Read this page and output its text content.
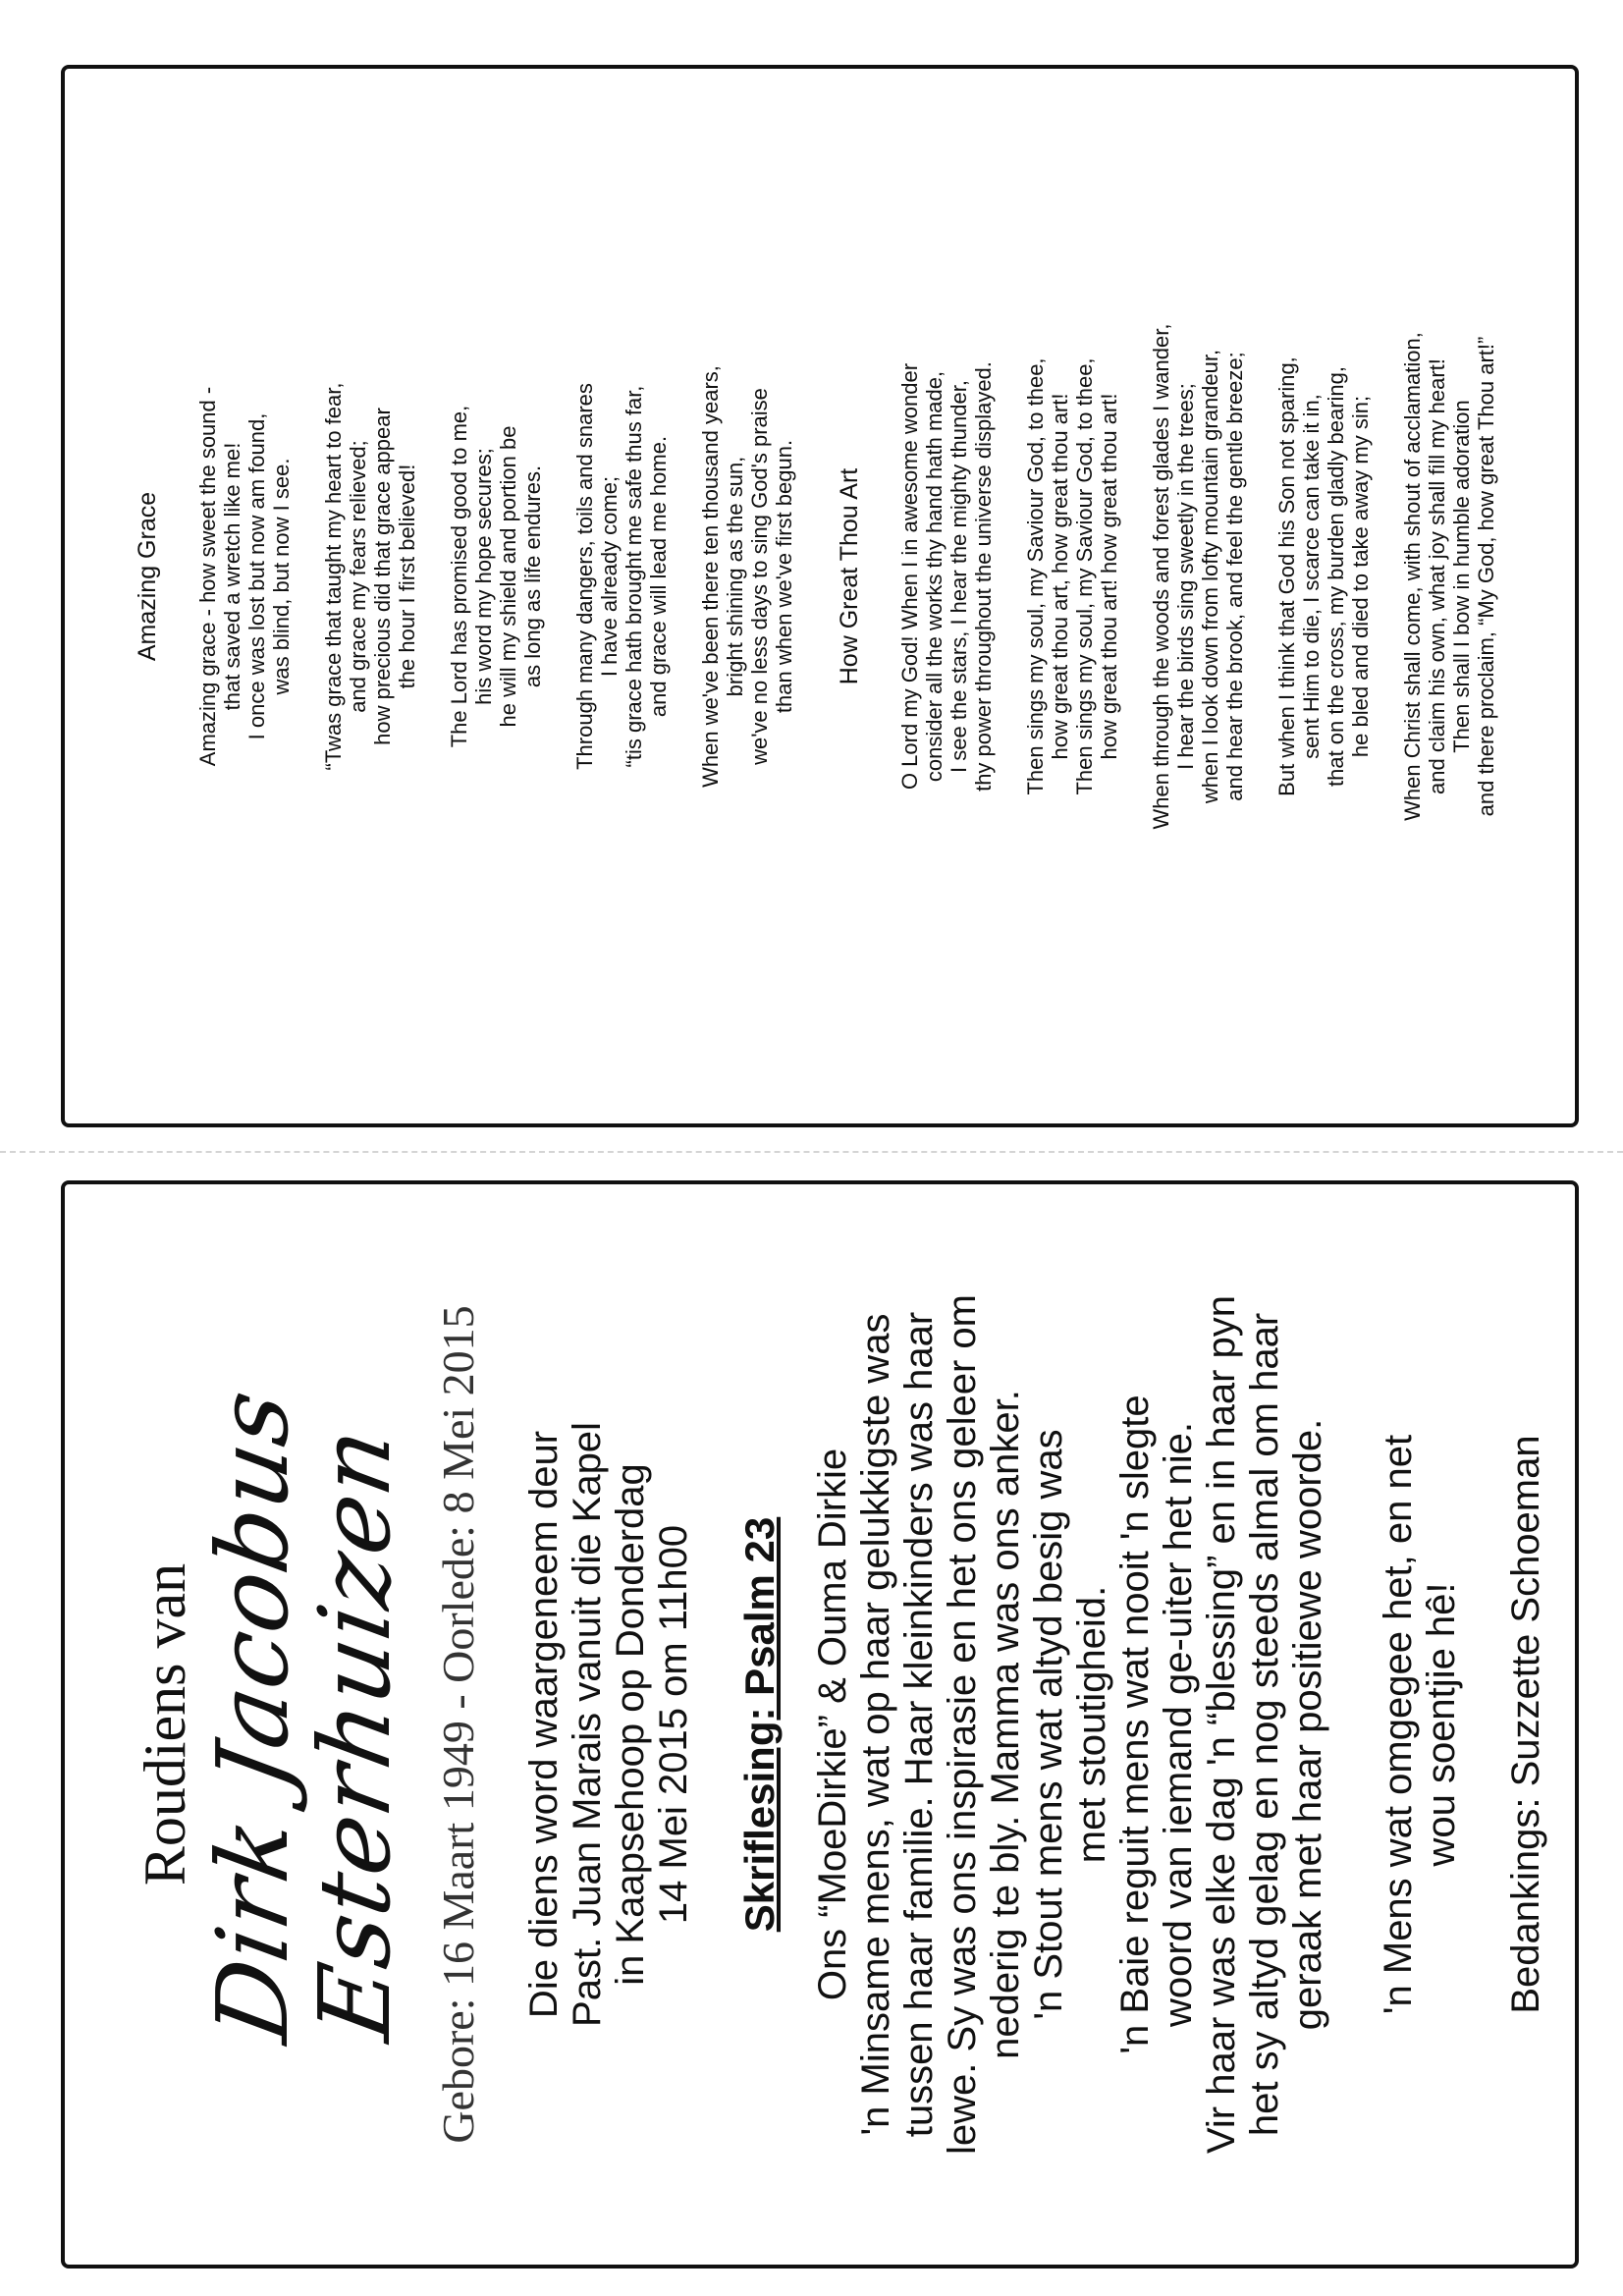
Amazing Grace Amazing grace - how sweet the sound - that saved a wretch like me! I once was lost but now am found, was blind, but now I see. “Twas grace that taught my heart to fear, and grace my fears relieved; how precious did that grace appear the hour I first believed! The Lord has promised good to me, his word my hope secures; he will my shield and portion be as long as life endures. Through many dangers, toils and snares I have already come; “tis grace hath brought me safe thus far, and grace will lead me home. When we've been there ten thousand years, bright shining as the sun, we've no less days to sing God's praise than when we've first begun. How Great Thou Art O Lord my God! When I in awesome wonder consider all the works thy hand hath made, I see the stars, I hear the mighty thunder, thy power throughout the universe displayed. Then sings my soul, my Saviour God, to thee, how great thou art, how great thou art! Then sings my soul, my Saviour God, to thee, how great thou art! how great thou art! When through the woods and forest glades I wander, I hear the birds sing sweetly in the trees; when I look down from lofty mountain grandeur, and hear the brook, and feel the gentle breeze; But when I think that God his Son not sparing, sent Him to die, I scarce can take it in, that on the cross, my burden gladly bearing, he bled and died to take away my sin; When Christ shall come, with shout of acclamation, and claim his own, what joy shall fill my heart! Then shall I bow in humble adoration and there proclaim, “My God, how great Thou art!”
Roudiens van
Dirk Jacobus Esterhuizen Gebore: 16 Maart 1949 - Oorlede: 8 Mei 2015 Die diens word waargeneem deur Past. Juan Marais vanuit die Kapel in Kaapsehoop op Donderdag 14 Mei 2015 om 11h00 Skriflesing: Psalm 23 Ons “MoeDirkie” & Ouma Dirkie 'n Minsame mens, wat op haar gelukkigste was tussen haar familie. Haar kleinkinders was haar lewe. Sy was ons inspirasie en het ons geleer om nederig te bly. Mamma was ons anker. 'n Stout mens wat altyd besig was met stoutigheid. 'n Baie reguit mens wat nooit 'n slegte woord van iemand ge-uiter het nie. Vir haar was elke dag 'n “blessing” en in haar pyn het sy altyd gelag en nog steeds almal om haar geraak met haar positiewe woorde. 'n Mens wat omgegee het, en net wou soentjie hê! Bedankings: Suzzette Schoeman
